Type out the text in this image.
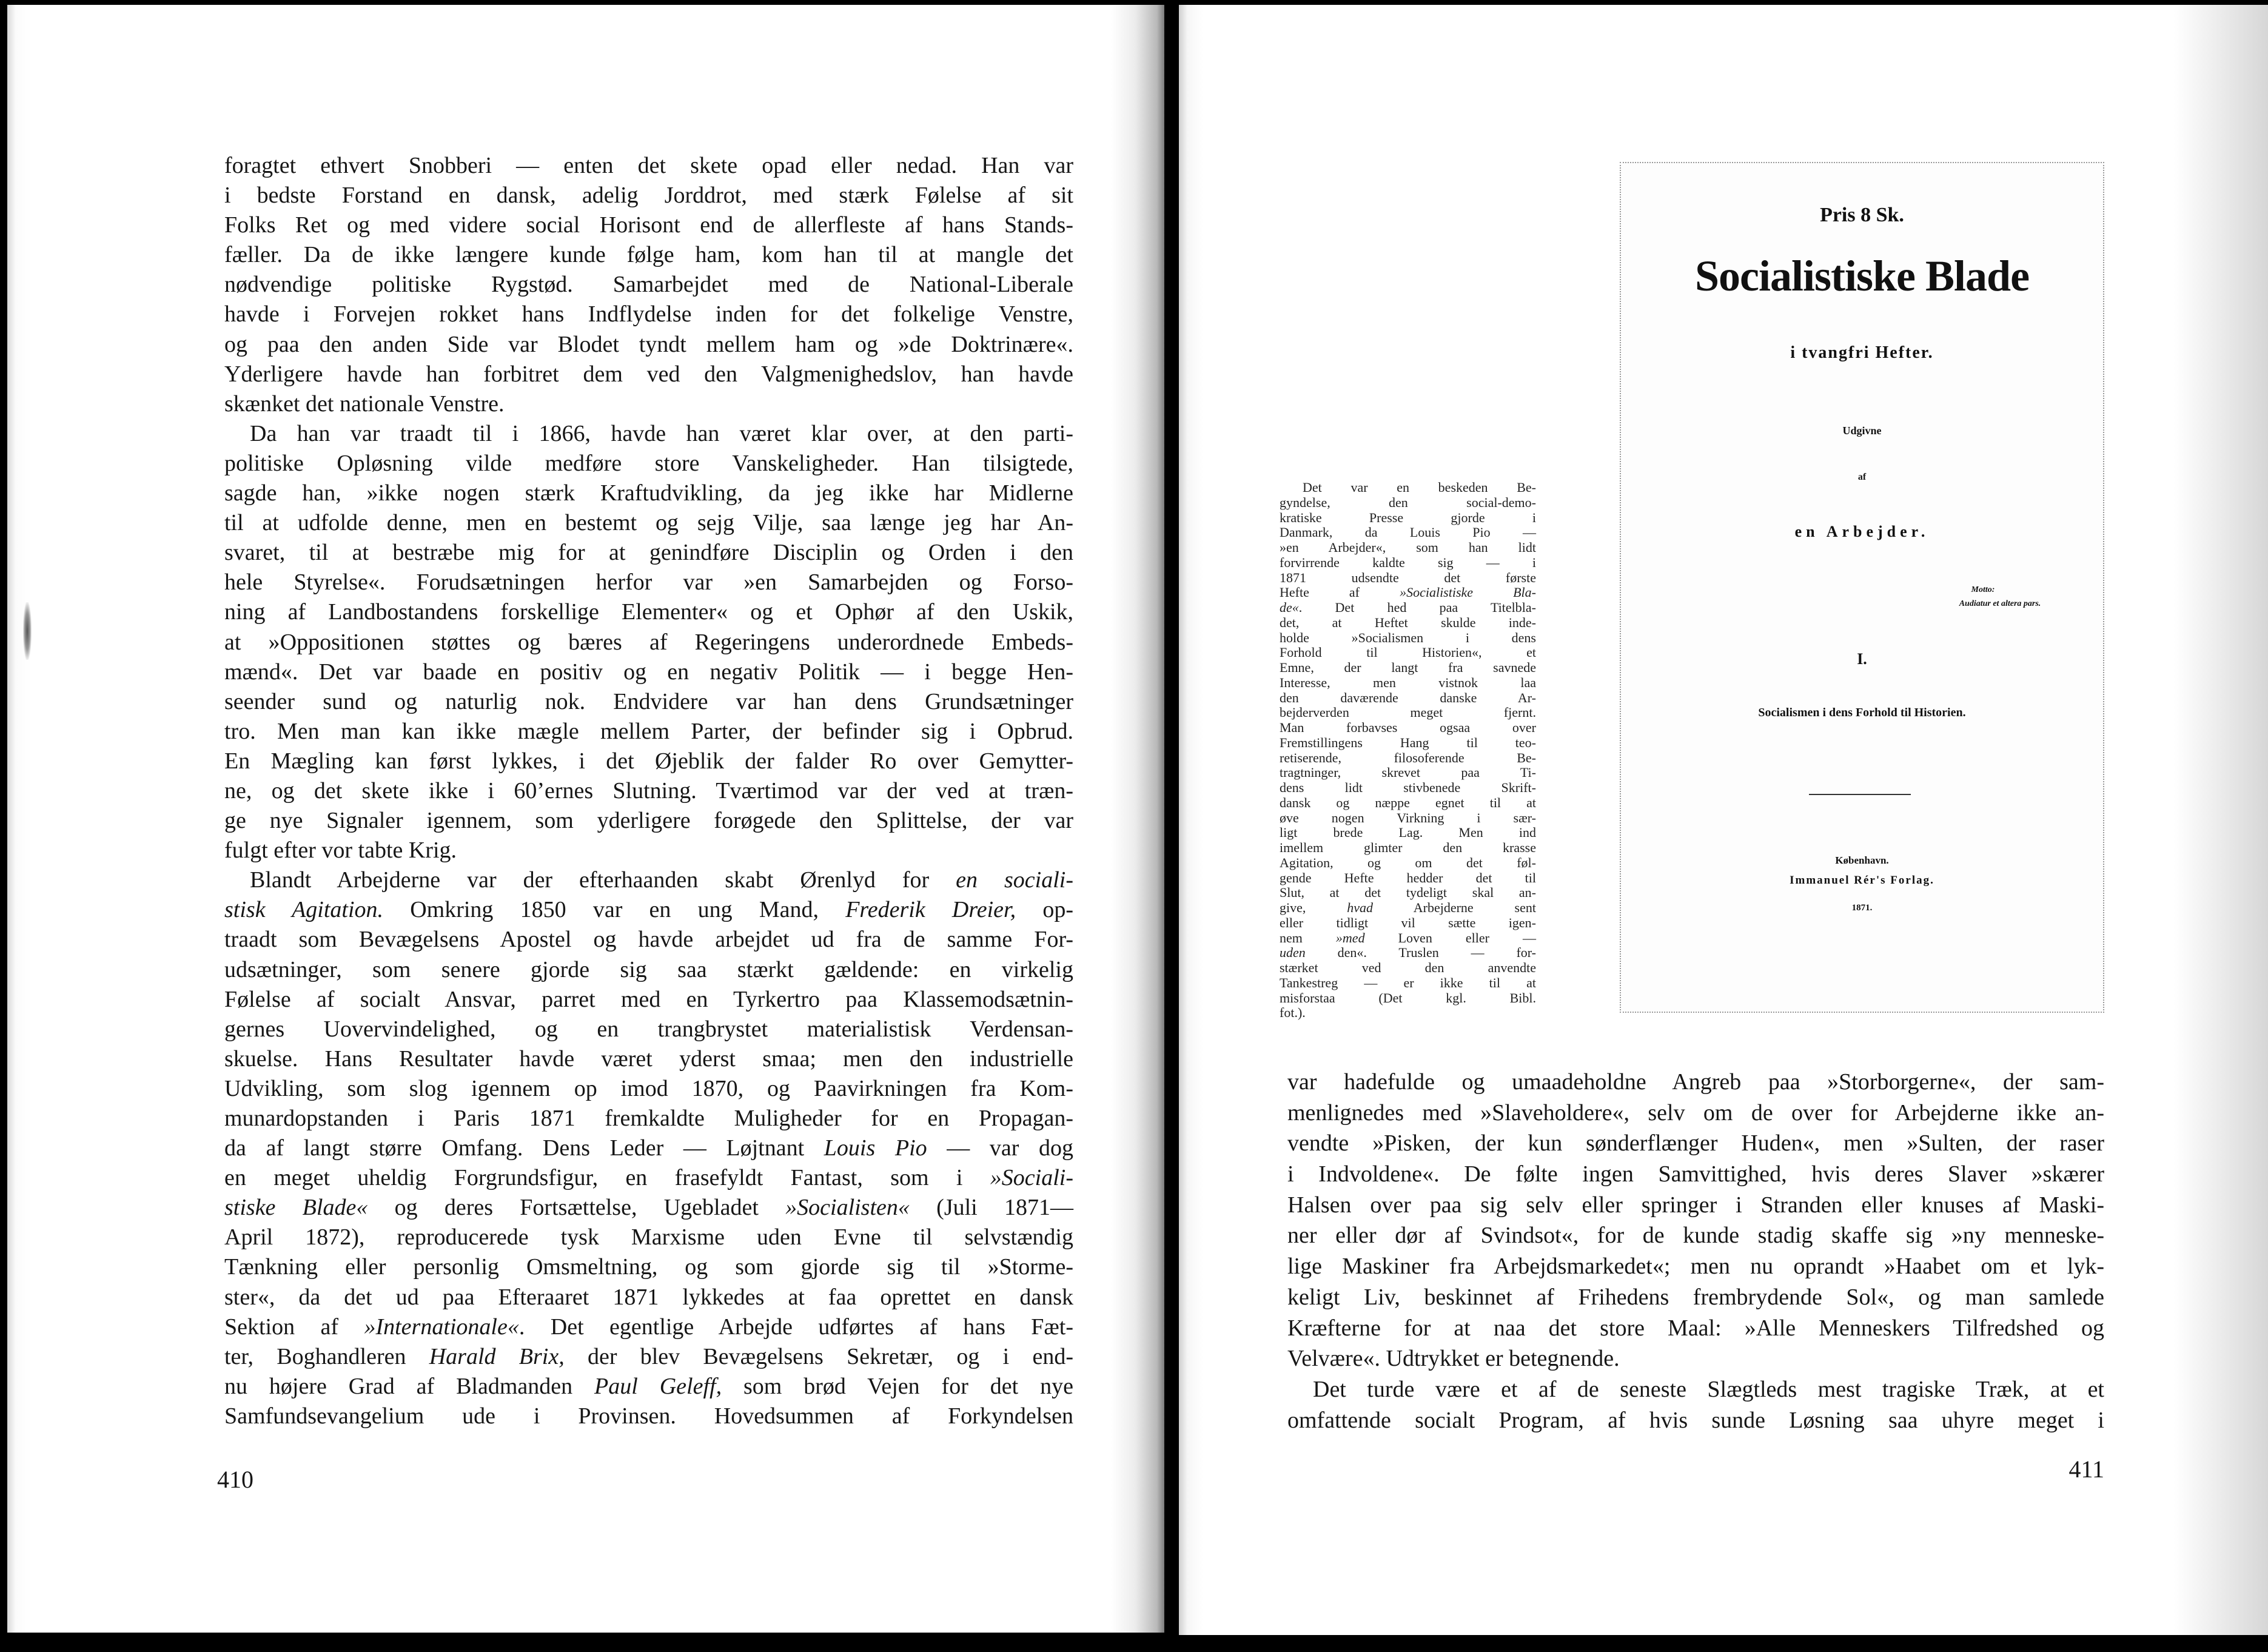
foragtet ethvert Snobberi — enten det skete opad eller nedad. Han var
i bedste Forstand en dansk, adelig Jorddrot, med stærk Følelse af sit
Folks Ret og med videre social Horisont end de allerfleste af hans Stands-
fæller. Da de ikke længere kunde følge ham, kom han til at mangle det
nødvendige politiske Rygstød. Samarbejdet med de National-Liberale
havde i Forvejen rokket hans Indflydelse inden for det folkelige Venstre,
og paa den anden Side var Blodet tyndt mellem ham og »de Doktrinære«.
Yderligere havde han forbitret dem ved den Valgmenighedslov, han havde
skænket det nationale Venstre.
Da han var traadt til i 1866, havde han været klar over, at den parti-
politiske Opløsning vilde medføre store Vanskeligheder. Han tilsigtede,
sagde han, »ikke nogen stærk Kraftudvikling, da jeg ikke har Midlerne
til at udfolde denne, men en bestemt og sejg Vilje, saa længe jeg har An-
svaret, til at bestræbe mig for at genindføre Disciplin og Orden i den
hele Styrelse«. Forudsætningen herfor var »en Samarbejden og Forso-
ning af Landbostandens forskellige Elementer« og et Ophør af den Uskik,
at »Oppositionen støttes og bæres af Regeringens underordnede Embeds-
mænd«. Det var baade en positiv og en negativ Politik — i begge Hen-
seender sund og naturlig nok. Endvidere var han dens Grundsætninger
tro. Men man kan ikke mægle mellem Parter, der befinder sig i Opbrud.
En Mægling kan først lykkes, i det Øjeblik der falder Ro over Gemytter-
ne, og det skete ikke i 60’ernes Slutning. Tværtimod var der ved at træn-
ge nye Signaler igennem, som yderligere forøgede den Splittelse, der var
fulgt efter vor tabte Krig.
Blandt Arbejderne var der efterhaanden skabt Ørenlyd for en sociali-
stisk Agitation. Omkring 1850 var en ung Mand, Frederik Dreier, op-
traadt som Bevægelsens Apostel og havde arbejdet ud fra de samme For-
udsætninger, som senere gjorde sig saa stærkt gældende: en virkelig
Følelse af socialt Ansvar, parret med en Tyrkertro paa Klassemodsætnin-
gernes Uovervindelighed, og en trangbrystet materialistisk Verdensan-
skuelse. Hans Resultater havde været yderst smaa; men den industrielle
Udvikling, som slog igennem op imod 1870, og Paavirkningen fra Kom-
munardopstanden i Paris 1871 fremkaldte Muligheder for en Propagan-
da af langt større Omfang. Dens Leder — Løjtnant Louis Pio — var dog
en meget uheldig Forgrundsfigur, en frasefyldt Fantast, som i »Sociali-
stiske Blade« og deres Fortsættelse, Ugebladet »Socialisten« (Juli 1871—
April 1872), reproducerede tysk Marxisme uden Evne til selvstændig
Tænkning eller personlig Omsmeltning, og som gjorde sig til »Storme-
ster«, da det ud paa Efteraaret 1871 lykkedes at faa oprettet en dansk
Sektion af »Internationale«. Det egentlige Arbejde udførtes af hans Fæt-
ter, Boghandleren Harald Brix, der blev Bevægelsens Sekretær, og i end-
nu højere Grad af Bladmanden Paul Geleff, som brød Vejen for det nye
Samfundsevangelium ude i Provinsen. Hovedsummen af Forkyndelsen
410
Det var en beskeden Be-
gyndelse, den social-demo-
kratiske Presse gjorde i
Danmark, da Louis Pio —
»en Arbejder«, som han lidt
forvirrende kaldte sig — i
1871 udsendte det første
Hefte af »Socialistiske Bla-
de«. Det hed paa Titelbla-
det, at Heftet skulde inde-
holde »Socialismen i dens
Forhold til Historien«, et
Emne, der langt fra savnede
Interesse, men vistnok laa
den daværende danske Ar-
bejderverden meget fjernt.
Man forbavses ogsaa over
Fremstillingens Hang til teo-
retiserende, filosoferende Be-
tragtninger, skrevet paa Ti-
dens lidt stivbenede Skrift-
dansk og næppe egnet til at
øve nogen Virkning i sær-
ligt brede Lag. Men ind
imellem glimter den krasse
Agitation, og om det føl-
gende Hefte hedder det til
Slut, at det tydeligt skal an-
give, hvad Arbejderne sent
eller tidligt vil sætte igen-
nem »med Loven eller —
uden den«. Truslen — for-
stærket ved den anvendte
Tankestreg — er ikke til at
misforstaa (Det kgl. Bibl.
fot.).
Pris 8 Sk.
Socialistiske Blade
i tvangfri Hefter.
Udgivne
af
en Arbejder.
Motto:
Audiatur et altera pars.
I.
Socialismen i dens Forhold til Historien.
København.
Immanuel Rér's Forlag.
1871.
var hadefulde og umaadeholdne Angreb paa »Storborgerne«, der sam-
menlignedes med »Slaveholdere«, selv om de over for Arbejderne ikke an-
vendte »Pisken, der kun sønderflænger Huden«, men »Sulten, der raser
i Indvoldene«. De følte ingen Samvittighed, hvis deres Slaver »skærer
Halsen over paa sig selv eller springer i Stranden eller knuses af Maski-
ner eller dør af Svindsot«, for de kunde stadig skaffe sig »ny menneske-
lige Maskiner fra Arbejdsmarkedet«; men nu oprandt »Haabet om et lyk-
keligt Liv, beskinnet af Frihedens frembrydende Sol«, og man samlede
Kræfterne for at naa det store Maal: »Alle Menneskers Tilfredshed og
Velvære«. Udtrykket er betegnende.
Det turde være et af de seneste Slægtleds mest tragiske Træk, at et
omfattende socialt Program, af hvis sunde Løsning saa uhyre meget i
411
